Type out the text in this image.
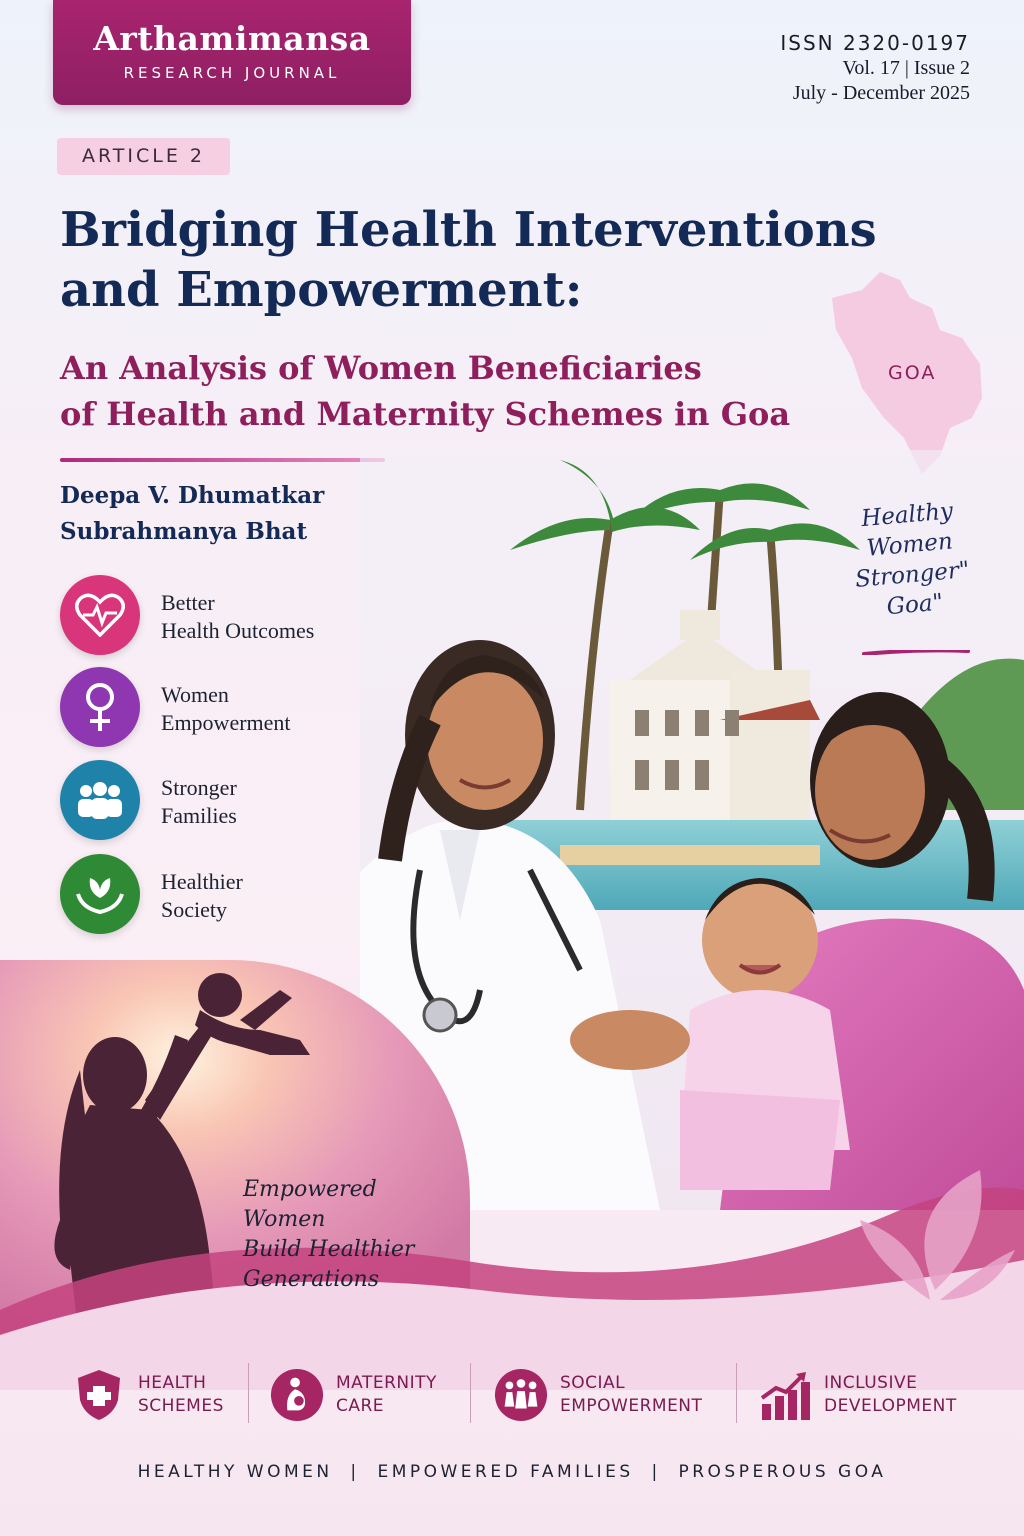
Arthamimansa
RESEARCH JOURNAL
ISSN 2320-0197
Vol. 17 | Issue 2
July - December 2025
ARTICLE 2
Bridging Health Interventions
and Empowerment:
An Analysis of Women Beneficiaries
of Health and Maternity Schemes in Goa
Deepa V. Dhumatkar
Subrahmanya Bhat
GOA
Healthy
Women
Stronger"
Goa"
Better
Health Outcomes
Women
Empowerment
Stronger
Families
Healthier
Society
Empowered
Women
Build Healthier
Generations
HEALTH
SCHEMES
MATERNITY
CARE
SOCIAL
EMPOWERMENT
INCLUSIVE
DEVELOPMENT
HEALTHY WOMEN  |  EMPOWERED FAMILIES  |  PROSPEROUS GOA
